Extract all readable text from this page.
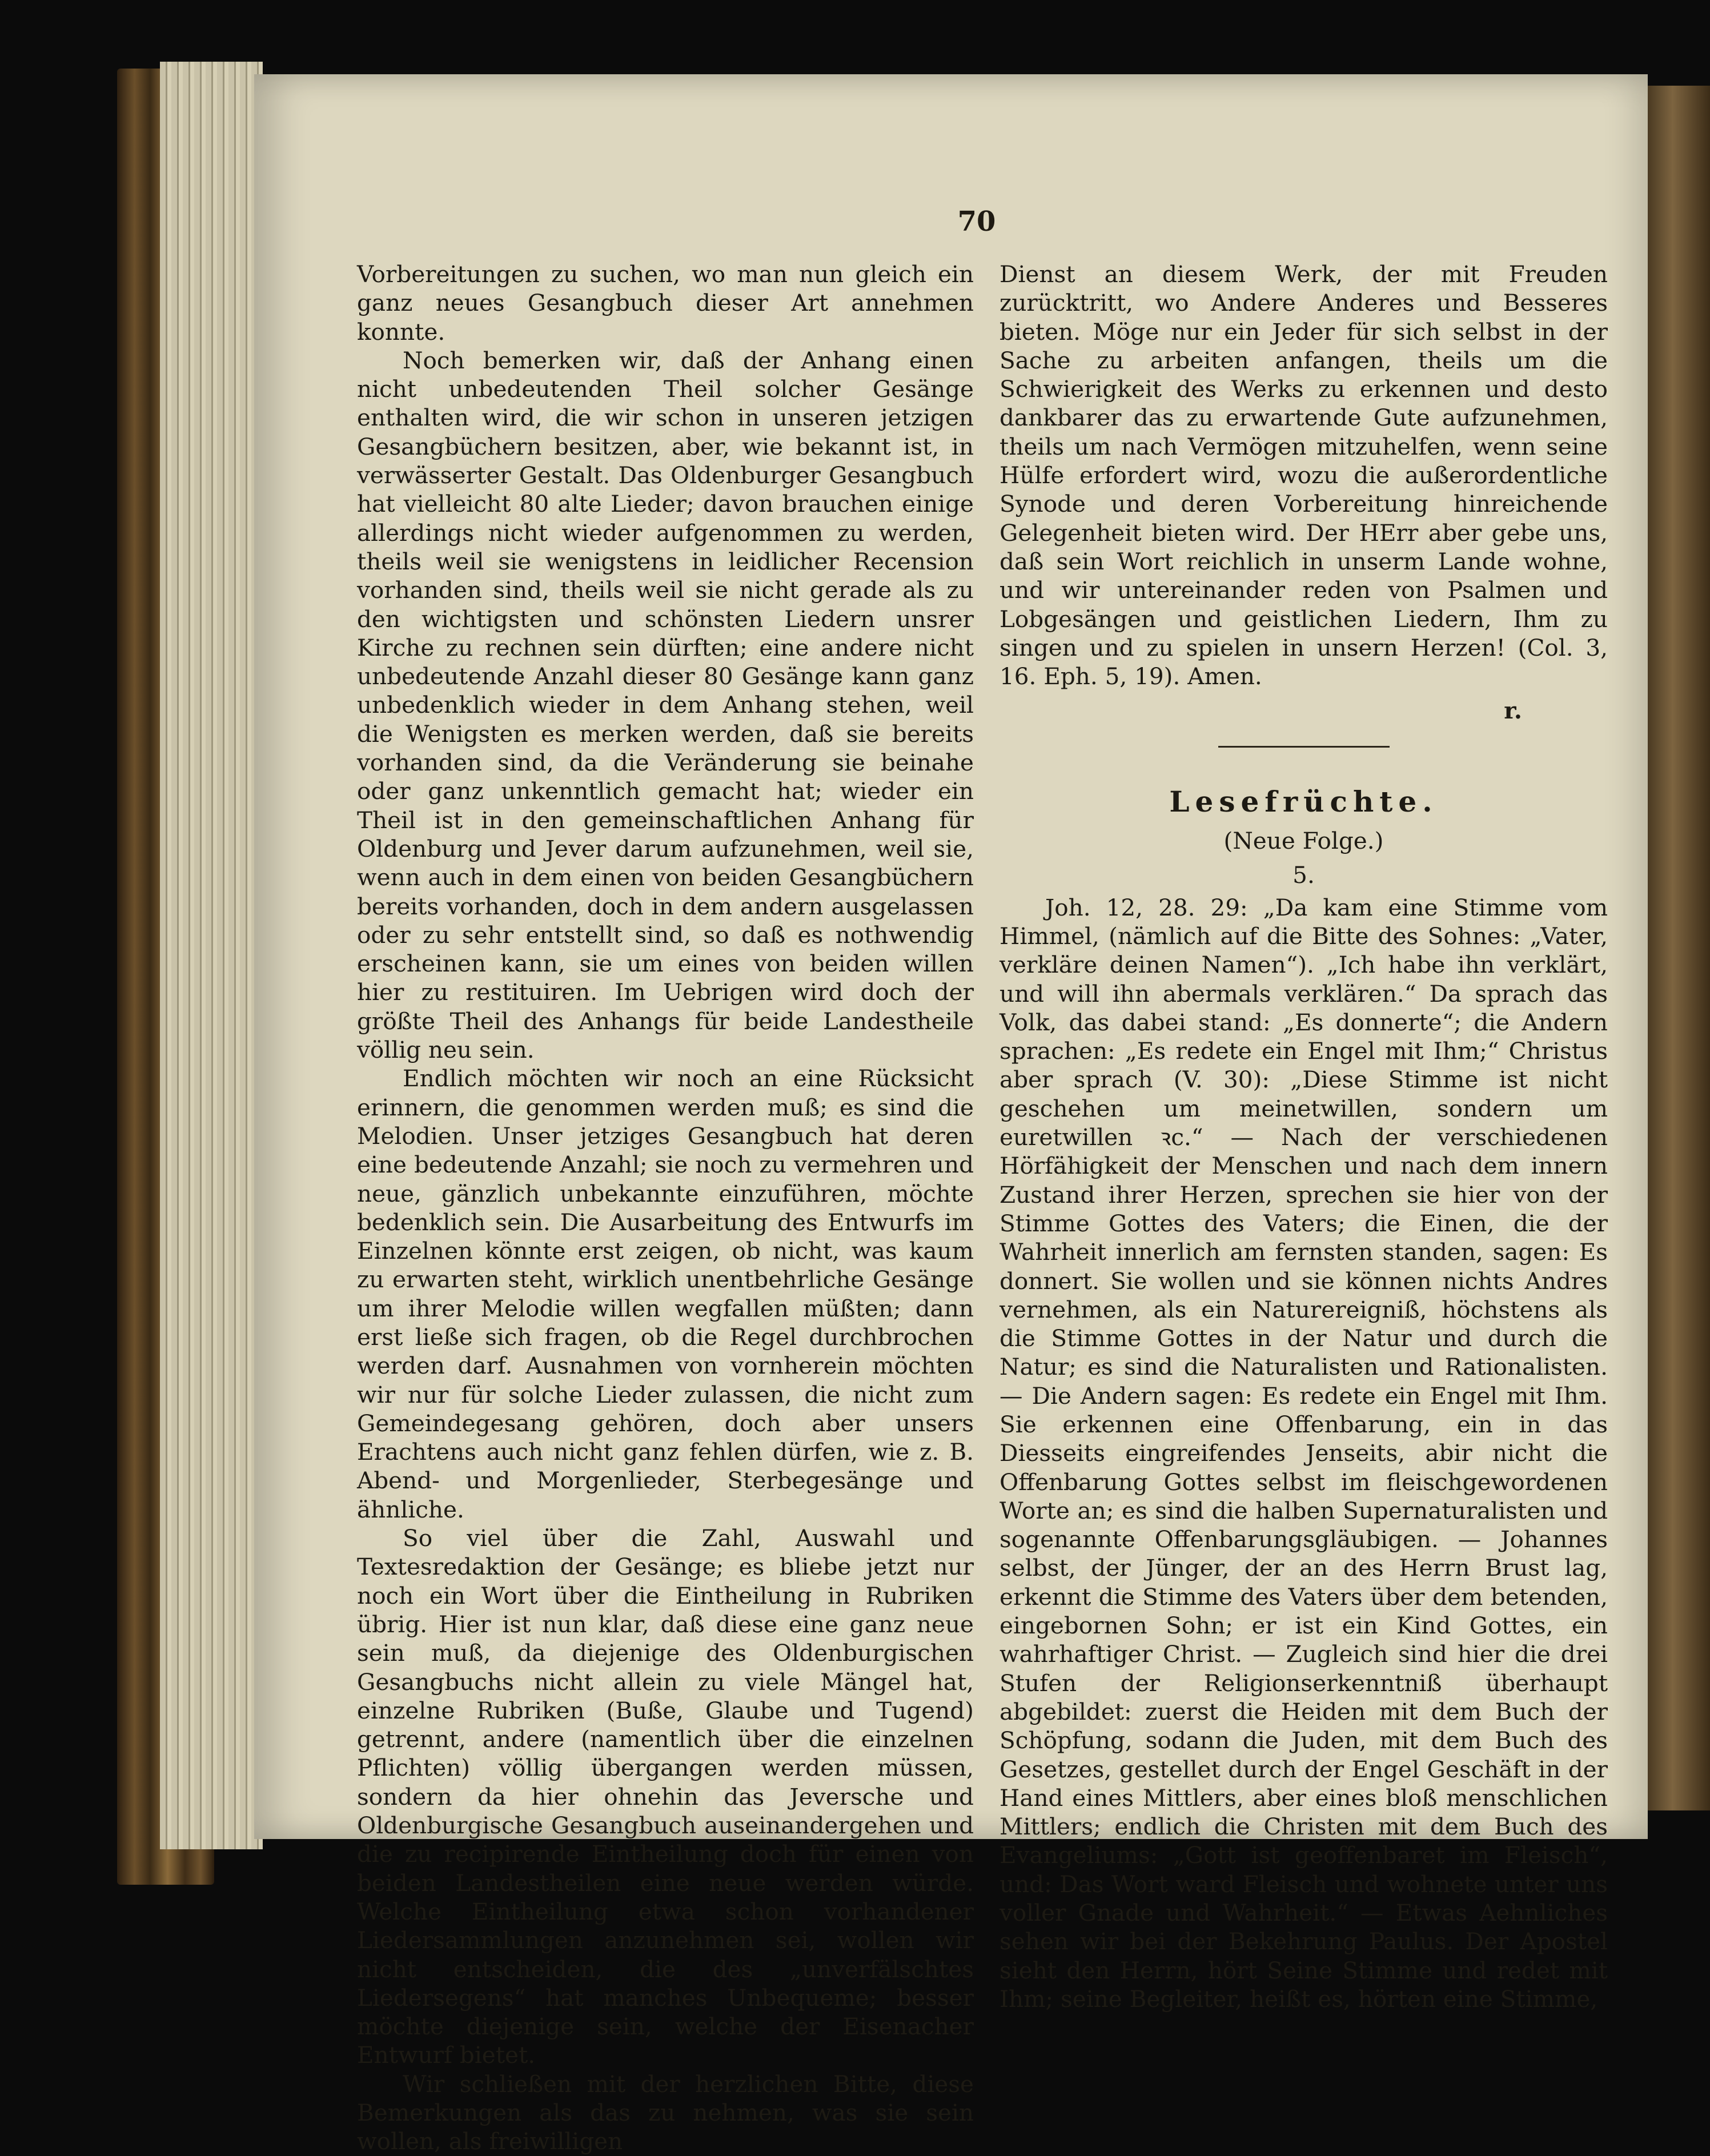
70

Vorbereitungen zu suchen, wo man nun gleich ein ganz neues Gesangbuch dieser Art annehmen konnte.

Noch bemerken wir, daß der Anhang einen nicht unbedeutenden Theil solcher Gesänge enthalten wird, die wir schon in unseren jetzigen Gesangbüchern besitzen, aber, wie bekannt ist, in verwässerter Gestalt. Das Oldenburger Gesangbuch hat vielleicht 80 alte Lieder; davon brauchen einige allerdings nicht wieder aufgenommen zu werden, theils weil sie wenigstens in leidlicher Recension vorhanden sind, theils weil sie nicht gerade als zu den wichtigsten und schönsten Liedern unsrer Kirche zu rechnen sein dürften; eine andere nicht unbedeutende Anzahl dieser 80 Gesänge kann ganz unbedenklich wieder in dem Anhang stehen, weil die Wenigsten es merken werden, daß sie bereits vorhanden sind, da die Veränderung sie beinahe oder ganz unkenntlich gemacht hat; wieder ein Theil ist in den gemeinschaftlichen Anhang für Oldenburg und Jever darum aufzunehmen, weil sie, wenn auch in dem einen von beiden Gesangbüchern bereits vorhanden, doch in dem andern ausgelassen oder zu sehr entstellt sind, so daß es nothwendig erscheinen kann, sie um eines von beiden willen hier zu restituiren. Im Uebrigen wird doch der größte Theil des Anhangs für beide Landestheile völlig neu sein.

Endlich möchten wir noch an eine Rücksicht erinnern, die genommen werden muß; es sind die Melodien. Unser jetziges Gesangbuch hat deren eine bedeutende Anzahl; sie noch zu vermehren und neue, gänzlich unbekannte einzuführen, möchte bedenklich sein. Die Ausarbeitung des Entwurfs im Einzelnen könnte erst zeigen, ob nicht, was kaum zu erwarten steht, wirklich unentbehrliche Gesänge um ihrer Melodie willen wegfallen müßten; dann erst ließe sich fragen, ob die Regel durchbrochen werden darf. Ausnahmen von vornherein möchten wir nur für solche Lieder zulassen, die nicht zum Gemeindegesang gehören, doch aber unsers Erachtens auch nicht ganz fehlen dürfen, wie z. B. Abend- und Morgenlieder, Sterbegesänge und ähnliche.

So viel über die Zahl, Auswahl und Textesredaktion der Gesänge; es bliebe jetzt nur noch ein Wort über die Eintheilung in Rubriken übrig. Hier ist nun klar, daß diese eine ganz neue sein muß, da diejenige des Oldenburgischen Gesangbuchs nicht allein zu viele Mängel hat, einzelne Rubriken (Buße, Glaube und Tugend) getrennt, andere (namentlich über die einzelnen Pflichten) völlig übergangen werden müssen, sondern da hier ohnehin das Jeversche und Oldenburgische Gesangbuch auseinandergehen und die zu recipirende Eintheilung doch für einen von beiden Landestheilen eine neue werden würde. Welche Eintheilung etwa schon vorhandener Liedersammlungen anzunehmen sei, wollen wir nicht entscheiden, die des „unverfälschtes Liedersegens“ hat manches Unbequeme; besser möchte diejenige sein, welche der Eisenacher Entwurf bietet.

Wir schließen mit der herzlichen Bitte, diese Bemerkungen als das zu nehmen, was sie sein wollen, als freiwilligen

Dienst an diesem Werk, der mit Freuden zurücktritt, wo Andere Anderes und Besseres bieten. Möge nur ein Jeder für sich selbst in der Sache zu arbeiten anfangen, theils um die Schwierigkeit des Werks zu erkennen und desto dankbarer das zu erwartende Gute aufzunehmen, theils um nach Vermögen mitzuhelfen, wenn seine Hülfe erfordert wird, wozu die außerordentliche Synode und deren Vorbereitung hinreichende Gelegenheit bieten wird. Der HErr aber gebe uns, daß sein Wort reichlich in unserm Lande wohne, und wir untereinander reden von Psalmen und Lobgesängen und geistlichen Liedern, Ihm zu singen und zu spielen in unsern Herzen! (Col. 3, 16. Eph. 5, 19). Amen.

r.

Lesefrüchte.

(Neue Folge.)

5.

Joh. 12, 28. 29: „Da kam eine Stimme vom Himmel, (nämlich auf die Bitte des Sohnes: „Vater, verkläre deinen Namen“). „Ich habe ihn verklärt, und will ihn abermals verklären.“ Da sprach das Volk, das dabei stand: „Es donnerte“; die Andern sprachen: „Es redete ein Engel mit Ihm;“ Christus aber sprach (V. 30): „Diese Stimme ist nicht geschehen um meinetwillen, sondern um euretwillen ꝛc.“ — Nach der verschiedenen Hörfähigkeit der Menschen und nach dem innern Zustand ihrer Herzen, sprechen sie hier von der Stimme Gottes des Vaters; die Einen, die der Wahrheit innerlich am fernsten standen, sagen: Es donnert. Sie wollen und sie können nichts Andres vernehmen, als ein Naturereigniß, höchstens als die Stimme Gottes in der Natur und durch die Natur; es sind die Naturalisten und Rationalisten. — Die Andern sagen: Es redete ein Engel mit Ihm. Sie erkennen eine Offenbarung, ein in das Diesseits eingreifendes Jenseits, abir nicht die Offenbarung Gottes selbst im fleischgewordenen Worte an; es sind die halben Supernaturalisten und sogenannte Offenbarungsgläubigen. — Johannes selbst, der Jünger, der an des Herrn Brust lag, erkennt die Stimme des Vaters über dem betenden, eingebornen Sohn; er ist ein Kind Gottes, ein wahrhaftiger Christ. — Zugleich sind hier die drei Stufen der Religionserkenntniß überhaupt abgebildet: zuerst die Heiden mit dem Buch der Schöpfung, sodann die Juden, mit dem Buch des Gesetzes, gestellet durch der Engel Geschäft in der Hand eines Mittlers, aber eines bloß menschlichen Mittlers; endlich die Christen mit dem Buch des Evangeliums: „Gott ist geoffenbaret im Fleisch“, und: Das Wort ward Fleisch und wohnete unter uns voller Gnade und Wahrheit.“ — Etwas Aehnliches sehen wir bei der Bekehrung Paulus. Der Apostel sieht den Herrn, hört Seine Stimme und redet mit Ihm; seine Begleiter, heißt es, hörten eine Stimme,
